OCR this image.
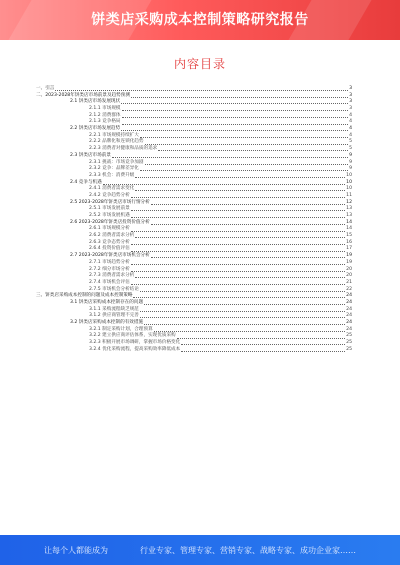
饼类店采购成本控制策略研究报告
内容目录
一、引言	3
二、2023-2028年饼类店市场前景及趋势预测	3
2.1 饼类店市场发展现状	3
2.1.1 市场规模	3
2.1.2 消费群体	4
2.1.3 竞争格局	4
2.2 饼类店市场发展趋势	4
2.2.1 市场规模持续扩大	4
2.2.2 品牌化和连锁化趋势	5
2.2.3 消费者对健康和品质的追求	5
2.3 饼类店市场前景	9
2.3.1 挑战：市场竞争加剧	9
2.3.2 竞争：品牌差异化	9
2.3.3 机会：消费升级	10
2.4 竞争与机遇	10
2.4.1 消费者需求变化	10
2.4.2 竞争趋势分析	11
2.5 2023-2028年饼类店市场行情分析	12
2.5.1 市场发展前景	13
2.5.2 市场发展机遇	13
2.6 2023-2028年饼类店投资价值分析	14
2.6.1 市场规模分析	14
2.6.2 消费者需求分析	15
2.6.3 竞争态势分析	16
2.6.4 投资价值评估	17
2.7 2023-2028年饼类店市场机会分析	19
2.7.1 市场趋势分析	19
2.7.2 细分市场分析	20
2.7.3 消费者需求分析	20
2.7.4 市场机会评估	21
2.7.5 市场机会分析结论	22
三、饼类店采购成本控制的问题及成本控制策略	24
3.1 饼类店采购成本控制存在的问题	24
3.1.1 采购流程缺乏规范	24
3.1.2 供应商管理不完善	24
3.2 饼类店采购成本控制的有效措施	24
3.2.1 制定采购计划，合理预算	24
3.2.2 建立供应商评估体系，实现优质采购	25
3.2.3 积极开展市场调研，掌握市场价格变化	25
3.2.4 优化采购流程，提高采购效率降低成本	25
让每个人都能成为	行业专家、管理专家、营销专家、战略专家、成功企业家……
